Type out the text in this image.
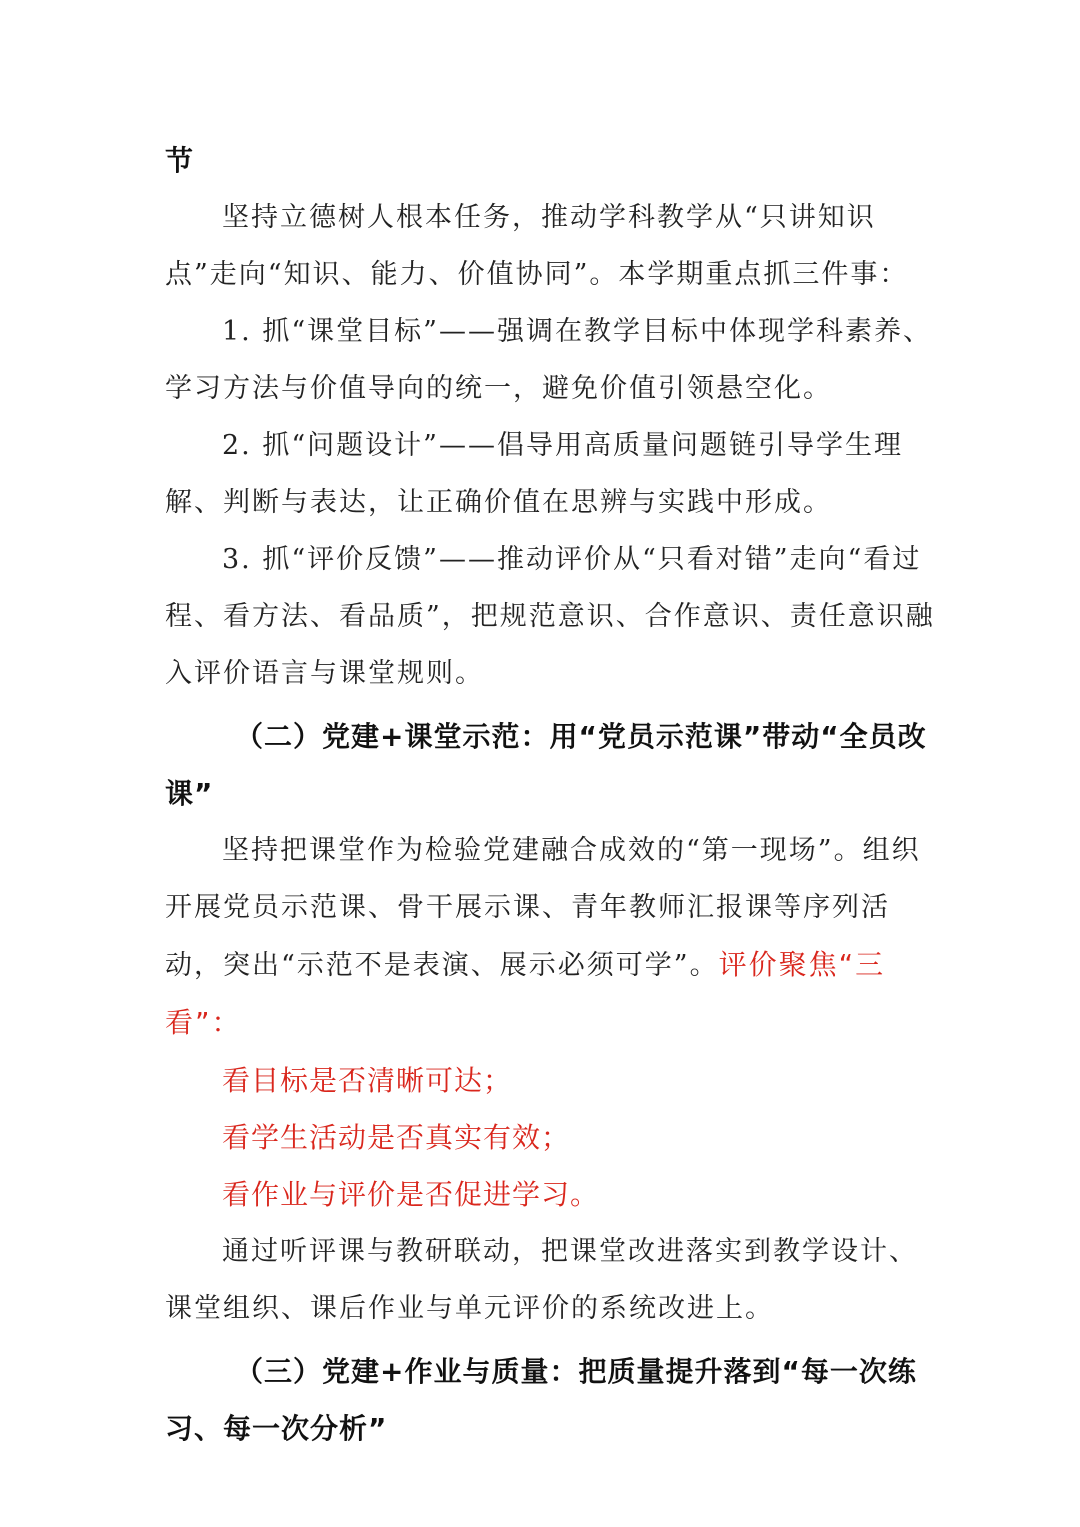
节
坚持立德树人根本任务，推动学科教学从“只讲知识点”走向“知识、能力、价值协同”。本学期重点抓三件事：
1. 抓“课堂目标”——强调在教学目标中体现学科素养、学习方法与价值导向的统一，避免价值引领悬空化。
2. 抓“问题设计”——倡导用高质量问题链引导学生理解、判断与表达，让正确价值在思辨与实践中形成。
3. 抓“评价反馈”——推动评价从“只看对错”走向“看过程、看方法、看品质”，把规范意识、合作意识、责任意识融入评价语言与课堂规则。
（二）党建+课堂示范：用“党员示范课”带动“全员改课”
坚持把课堂作为检验党建融合成效的“第一现场”。组织开展党员示范课、骨干展示课、青年教师汇报课等序列活动，突出“示范不是表演、展示必须可学”。评价聚焦“三看”：
看目标是否清晰可达；
看学生活动是否真实有效；
看作业与评价是否促进学习。
通过听评课与教研联动，把课堂改进落实到教学设计、课堂组织、课后作业与单元评价的系统改进上。
（三）党建+作业与质量：把质量提升落到“每一次练习、每一次分析”
